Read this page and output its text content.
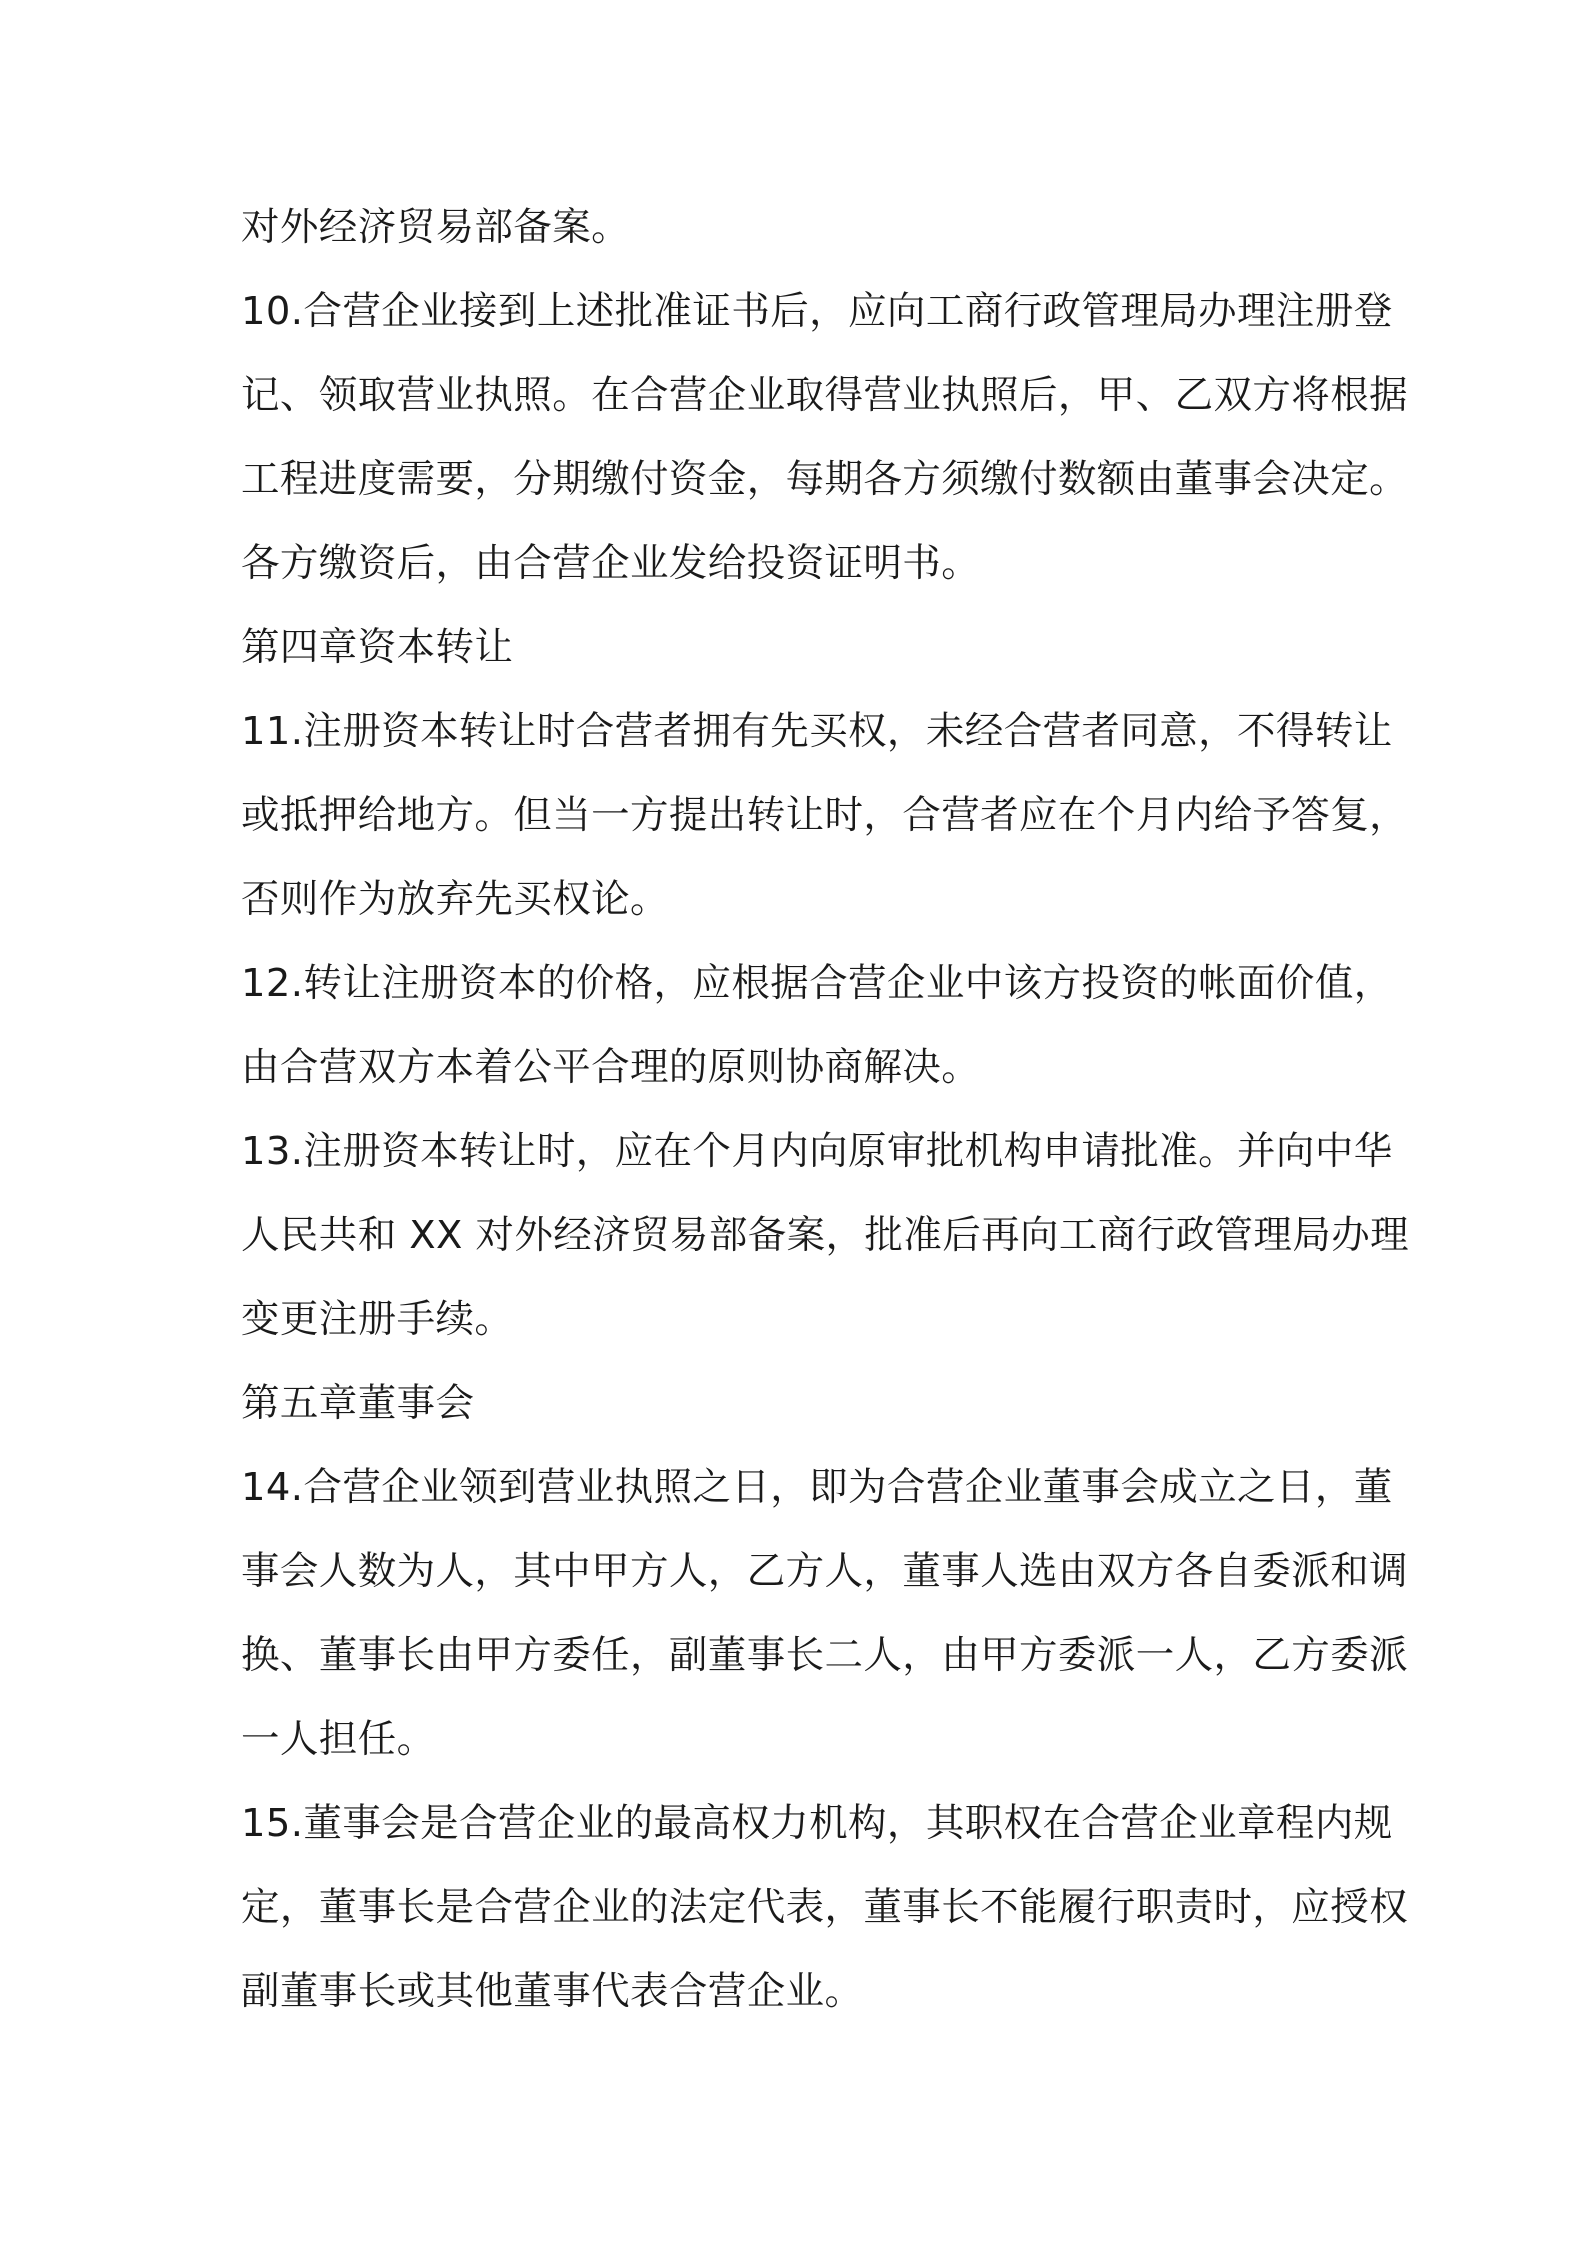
对外经济贸易部备案。
10.合营企业接到上述批准证书后，应向工商行政管理局办理注册登
记、领取营业执照。在合营企业取得营业执照后，甲、乙双方将根据
工程进度需要，分期缴付资金，每期各方须缴付数额由董事会决定。
各方缴资后，由合营企业发给投资证明书。
第四章资本转让
11.注册资本转让时合营者拥有先买权，未经合营者同意，不得转让
或抵押给地方。但当一方提出转让时，合营者应在个月内给予答复，
否则作为放弃先买权论。
12.转让注册资本的价格，应根据合营企业中该方投资的帐面价值，
由合营双方本着公平合理的原则协商解决。
13.注册资本转让时，应在个月内向原审批机构申请批准。并向中华
人民共和 XX 对外经济贸易部备案，批准后再向工商行政管理局办理
变更注册手续。
第五章董事会
14.合营企业领到营业执照之日，即为合营企业董事会成立之日，董
事会人数为人，其中甲方人，乙方人，董事人选由双方各自委派和调
换、董事长由甲方委任，副董事长二人，由甲方委派一人，乙方委派
一人担任。
15.董事会是合营企业的最高权力机构，其职权在合营企业章程内规
定，董事长是合营企业的法定代表，董事长不能履行职责时，应授权
副董事长或其他董事代表合营企业。
